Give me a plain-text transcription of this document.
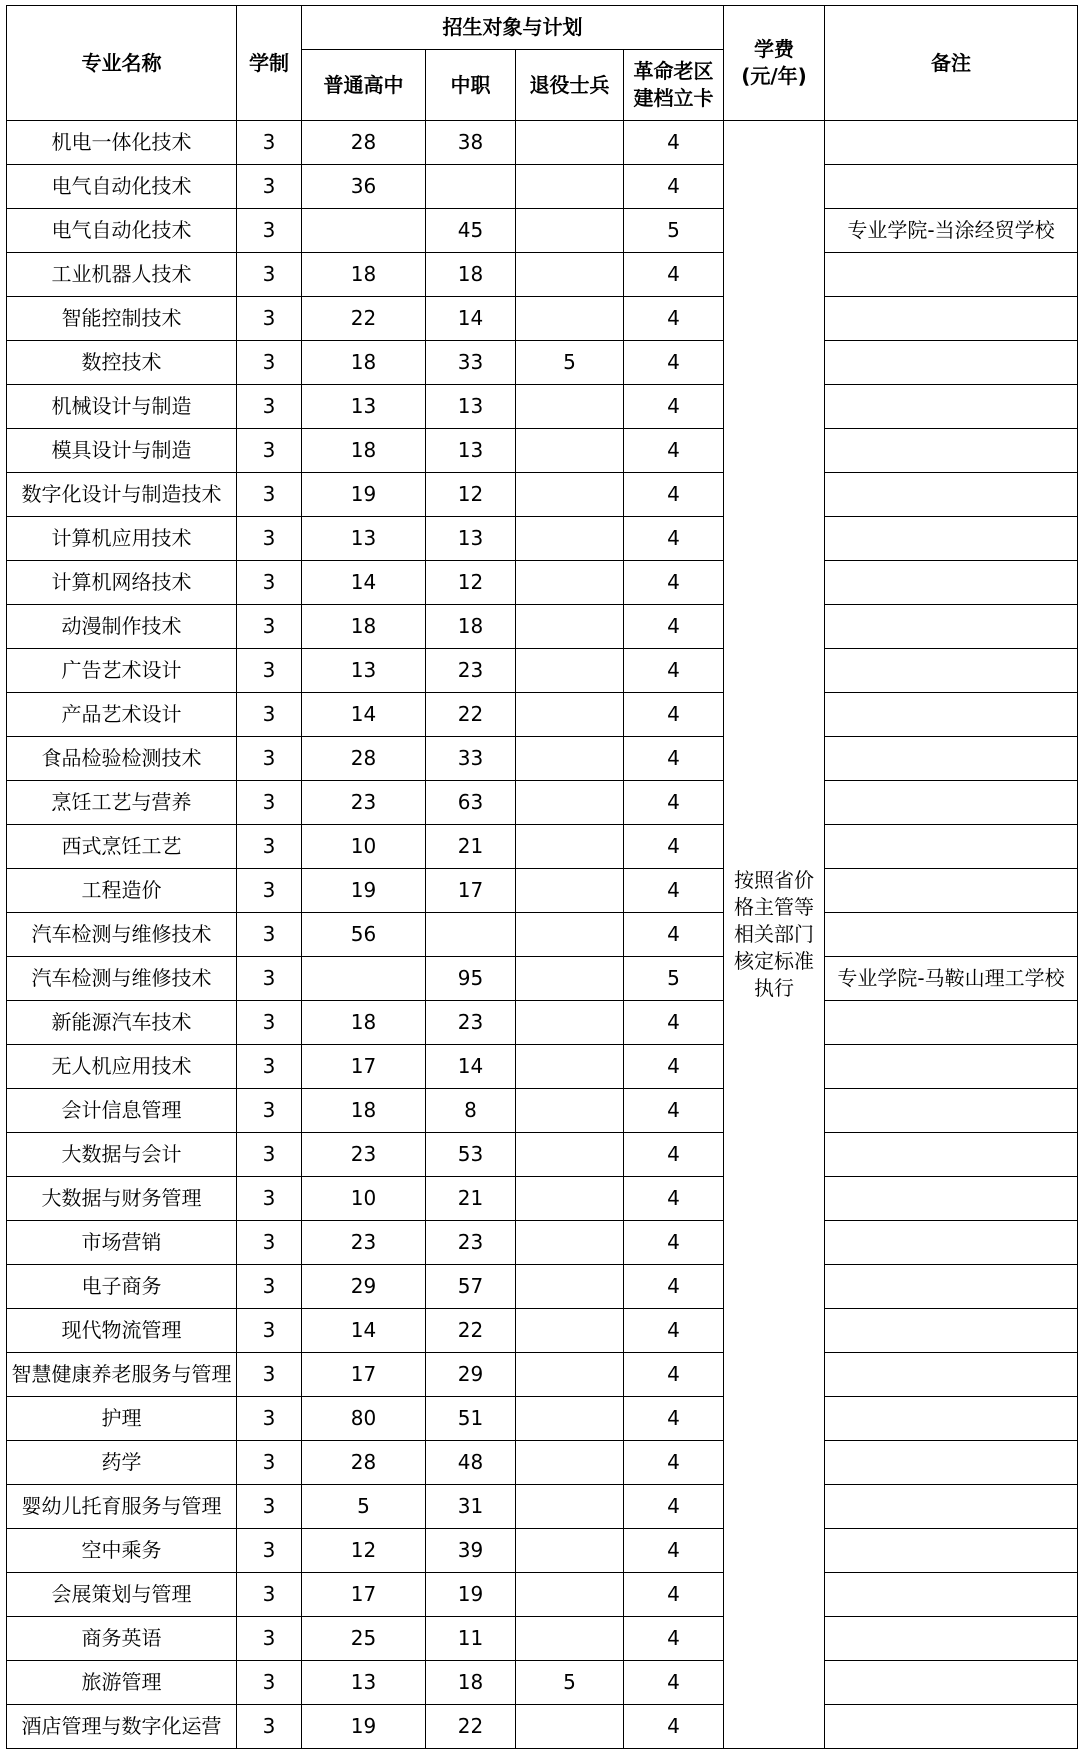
专业名称	学制	招生对象与计划				学费(元/年)	备注
		普通高中	中职	退役士兵	革命老区建档立卡		

机电一体化技术	3	28	38		4	按照省价格主管等相关部门核定标准执行	

电气自动化技术	3	36			4		
电气自动化技术	3		45		5		专业学院-当涂经贸学校
工业机器人技术	3	18	18		4		
智能控制技术	3	22	14		4		
数控技术	3	18	33	5	4		
机械设计与制造	3	13	13		4		
模具设计与制造	3	18	13		4		
数字化设计与制造技术	3	19	12		4		
计算机应用技术	3	13	13		4		
计算机网络技术	3	14	12		4		
动漫制作技术	3	18	18		4		
广告艺术设计	3	13	23		4		
产品艺术设计	3	14	22		4		
食品检验检测技术	3	28	33		4		
烹饪工艺与营养	3	23	63		4		
西式烹饪工艺	3	10	21		4		
工程造价	3	19	17		4		
汽车检测与维修技术	3	56			4		
汽车检测与维修技术	3		95		5		专业学院-马鞍山理工学校
新能源汽车技术	3	18	23		4		
无人机应用技术	3	17	14		4		
会计信息管理	3	18	8		4		
大数据与会计	3	23	53		4		
大数据与财务管理	3	10	21		4		
市场营销	3	23	23		4		
电子商务	3	29	57		4		
现代物流管理	3	14	22		4		
智慧健康养老服务与管理	3	17	29		4		
护理	3	80	51		4		
药学	3	28	48		4		
婴幼儿托育服务与管理	3	5	31		4		
空中乘务	3	12	39		4		
会展策划与管理	3	17	19		4		
商务英语	3	25	11		4		
旅游管理	3	13	18	5	4		
酒店管理与数字化运营	3	19	22		4		
